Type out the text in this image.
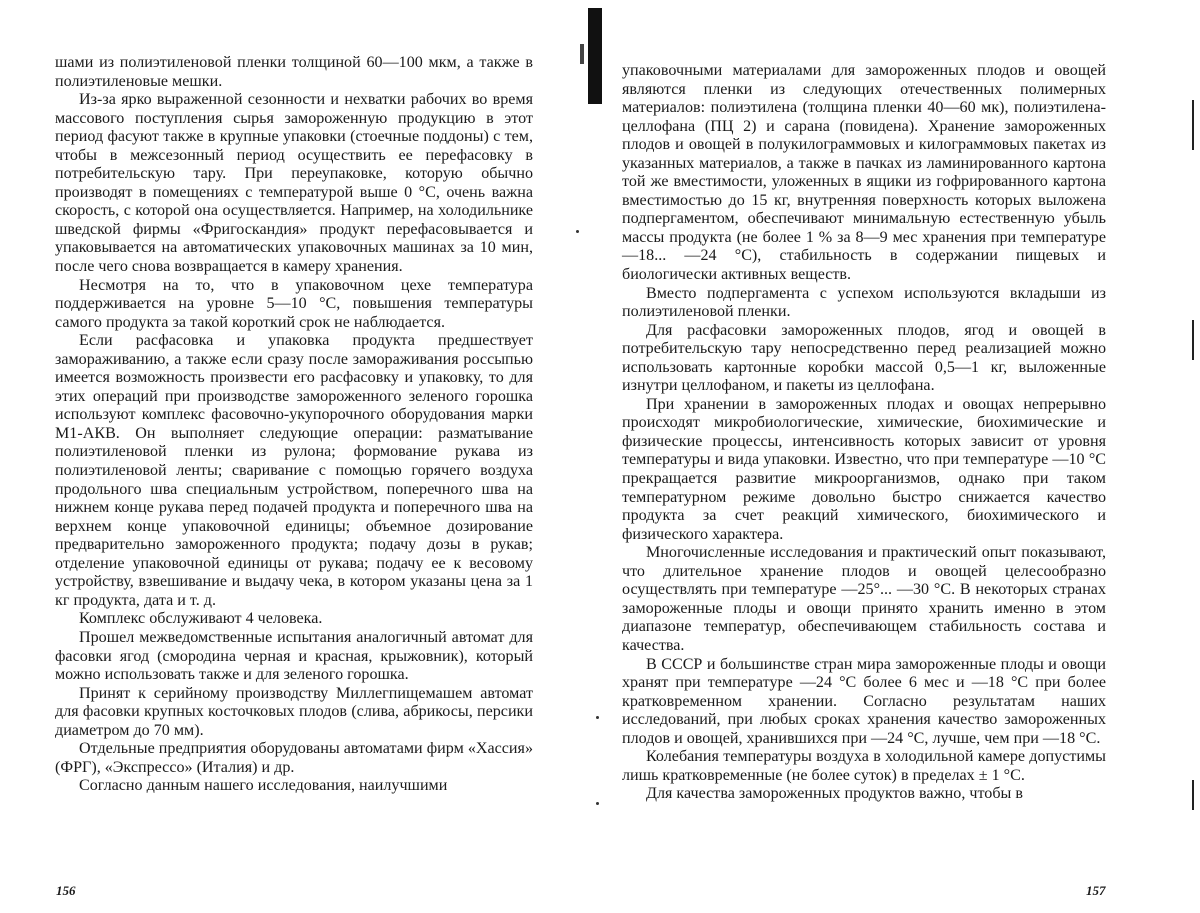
шами из полиэтиленовой пленки толщиной 60—100 мкм, а также в полиэтиленовые мешки.

Из-за ярко выраженной сезонности и нехватки рабочих во время массового поступления сырья замороженную продукцию в этот период фасуют также в крупные упаковки (стоечные поддоны) с тем, чтобы в межсезонный период осуществить ее перефасовку в потребительскую тару. При переупаковке, которую обычно производят в помещениях с температурой выше 0 °С, очень важна скорость, с которой она осуществляется. Например, на холодильнике шведской фирмы «Фригоскандия» продукт перефасовывается и упаковывается на автоматических упаковочных машинах за 10 мин, после чего снова возвращается в камеру хранения.

Несмотря на то, что в упаковочном цехе температура поддерживается на уровне 5—10 °С, повышения температуры самого продукта за такой короткий срок не наблюдается.

Если расфасовка и упаковка продукта предшествует замораживанию, а также если сразу после замораживания россыпью имеется возможность произвести его расфасовку и упаковку, то для этих операций при производстве замороженного зеленого горошка используют комплекс фасовочно-укупорочного оборудования марки М1-АКВ. Он выполняет следующие операции: разматывание полиэтиленовой пленки из рулона; формование рукава из полиэтиленовой ленты; сваривание с помощью горячего воздуха продольного шва специальным устройством, поперечного шва на нижнем конце рукава перед подачей продукта и поперечного шва на верхнем конце упаковочной единицы; объемное дозирование предварительно замороженного продукта; подачу дозы в рукав; отделение упаковочной единицы от рукава; подачу ее к весовому устройству, взвешивание и выдачу чека, в котором указаны цена за 1 кг продукта, дата и т. д.

Комплекс обслуживают 4 человека.

Прошел межведомственные испытания аналогичный автомат для фасовки ягод (смородина черная и красная, крыжовник), который можно использовать также и для зеленого горошка.

Принят к серийному производству Миллегпищемашем автомат для фасовки крупных косточковых плодов (слива, абрикосы, персики диаметром до 70 мм).

Отдельные предприятия оборудованы автоматами фирм «Хассия» (ФРГ), «Экспрессо» (Италия) и др.

Согласно данным нашего исследования, наилучшими

156

упаковочными материалами для замороженных плодов и овощей являются пленки из следующих отечественных полимерных материалов: полиэтилена (толщина пленки 40—60 мк), полиэтилена-целлофана (ПЦ 2) и сарана (повидена). Хранение замороженных плодов и овощей в полукилограммовых и килограммовых пакетах из указанных материалов, а также в пачках из ламинированного картона той же вместимости, уложенных в ящики из гофрированного картона вместимостью до 15 кг, внутренняя поверхность которых выложена подпергаментом, обеспечивают минимальную естественную убыль массы продукта (не более 1 % за 8—9 мес хранения при температуре —18... —24 °С), стабильность в содержании пищевых и биологически активных веществ.

Вместо подпергамента с успехом используются вкладыши из полиэтиленовой пленки.

Для расфасовки замороженных плодов, ягод и овощей в потребительскую тару непосредственно перед реализацией можно использовать картонные коробки массой 0,5—1 кг, выложенные изнутри целлофаном, и пакеты из целлофана.

При хранении в замороженных плодах и овощах непрерывно происходят микробиологические, химические, биохимические и физические процессы, интенсивность которых зависит от уровня температуры и вида упаковки. Известно, что при температуре —10 °С прекращается развитие микроорганизмов, однако при таком температурном режиме довольно быстро снижается качество продукта за счет реакций химического, биохимического и физического характера.

Многочисленные исследования и практический опыт показывают, что длительное хранение плодов и овощей целесообразно осуществлять при температуре —25°... —30 °С. В некоторых странах замороженные плоды и овощи принято хранить именно в этом диапазоне температур, обеспечивающем стабильность состава и качества.

В СССР и большинстве стран мира замороженные плоды и овощи хранят при температуре —24 °С более 6 мес и —18 °С при более кратковременном хранении. Согласно результатам наших исследований, при любых сроках хранения качество замороженных плодов и овощей, хранившихся при —24 °С, лучше, чем при —18 °С.

Колебания температуры воздуха в холодильной камере допустимы лишь кратковременные (не более суток) в пределах ± 1 °С.

Для качества замороженных продуктов важно, чтобы в

157
